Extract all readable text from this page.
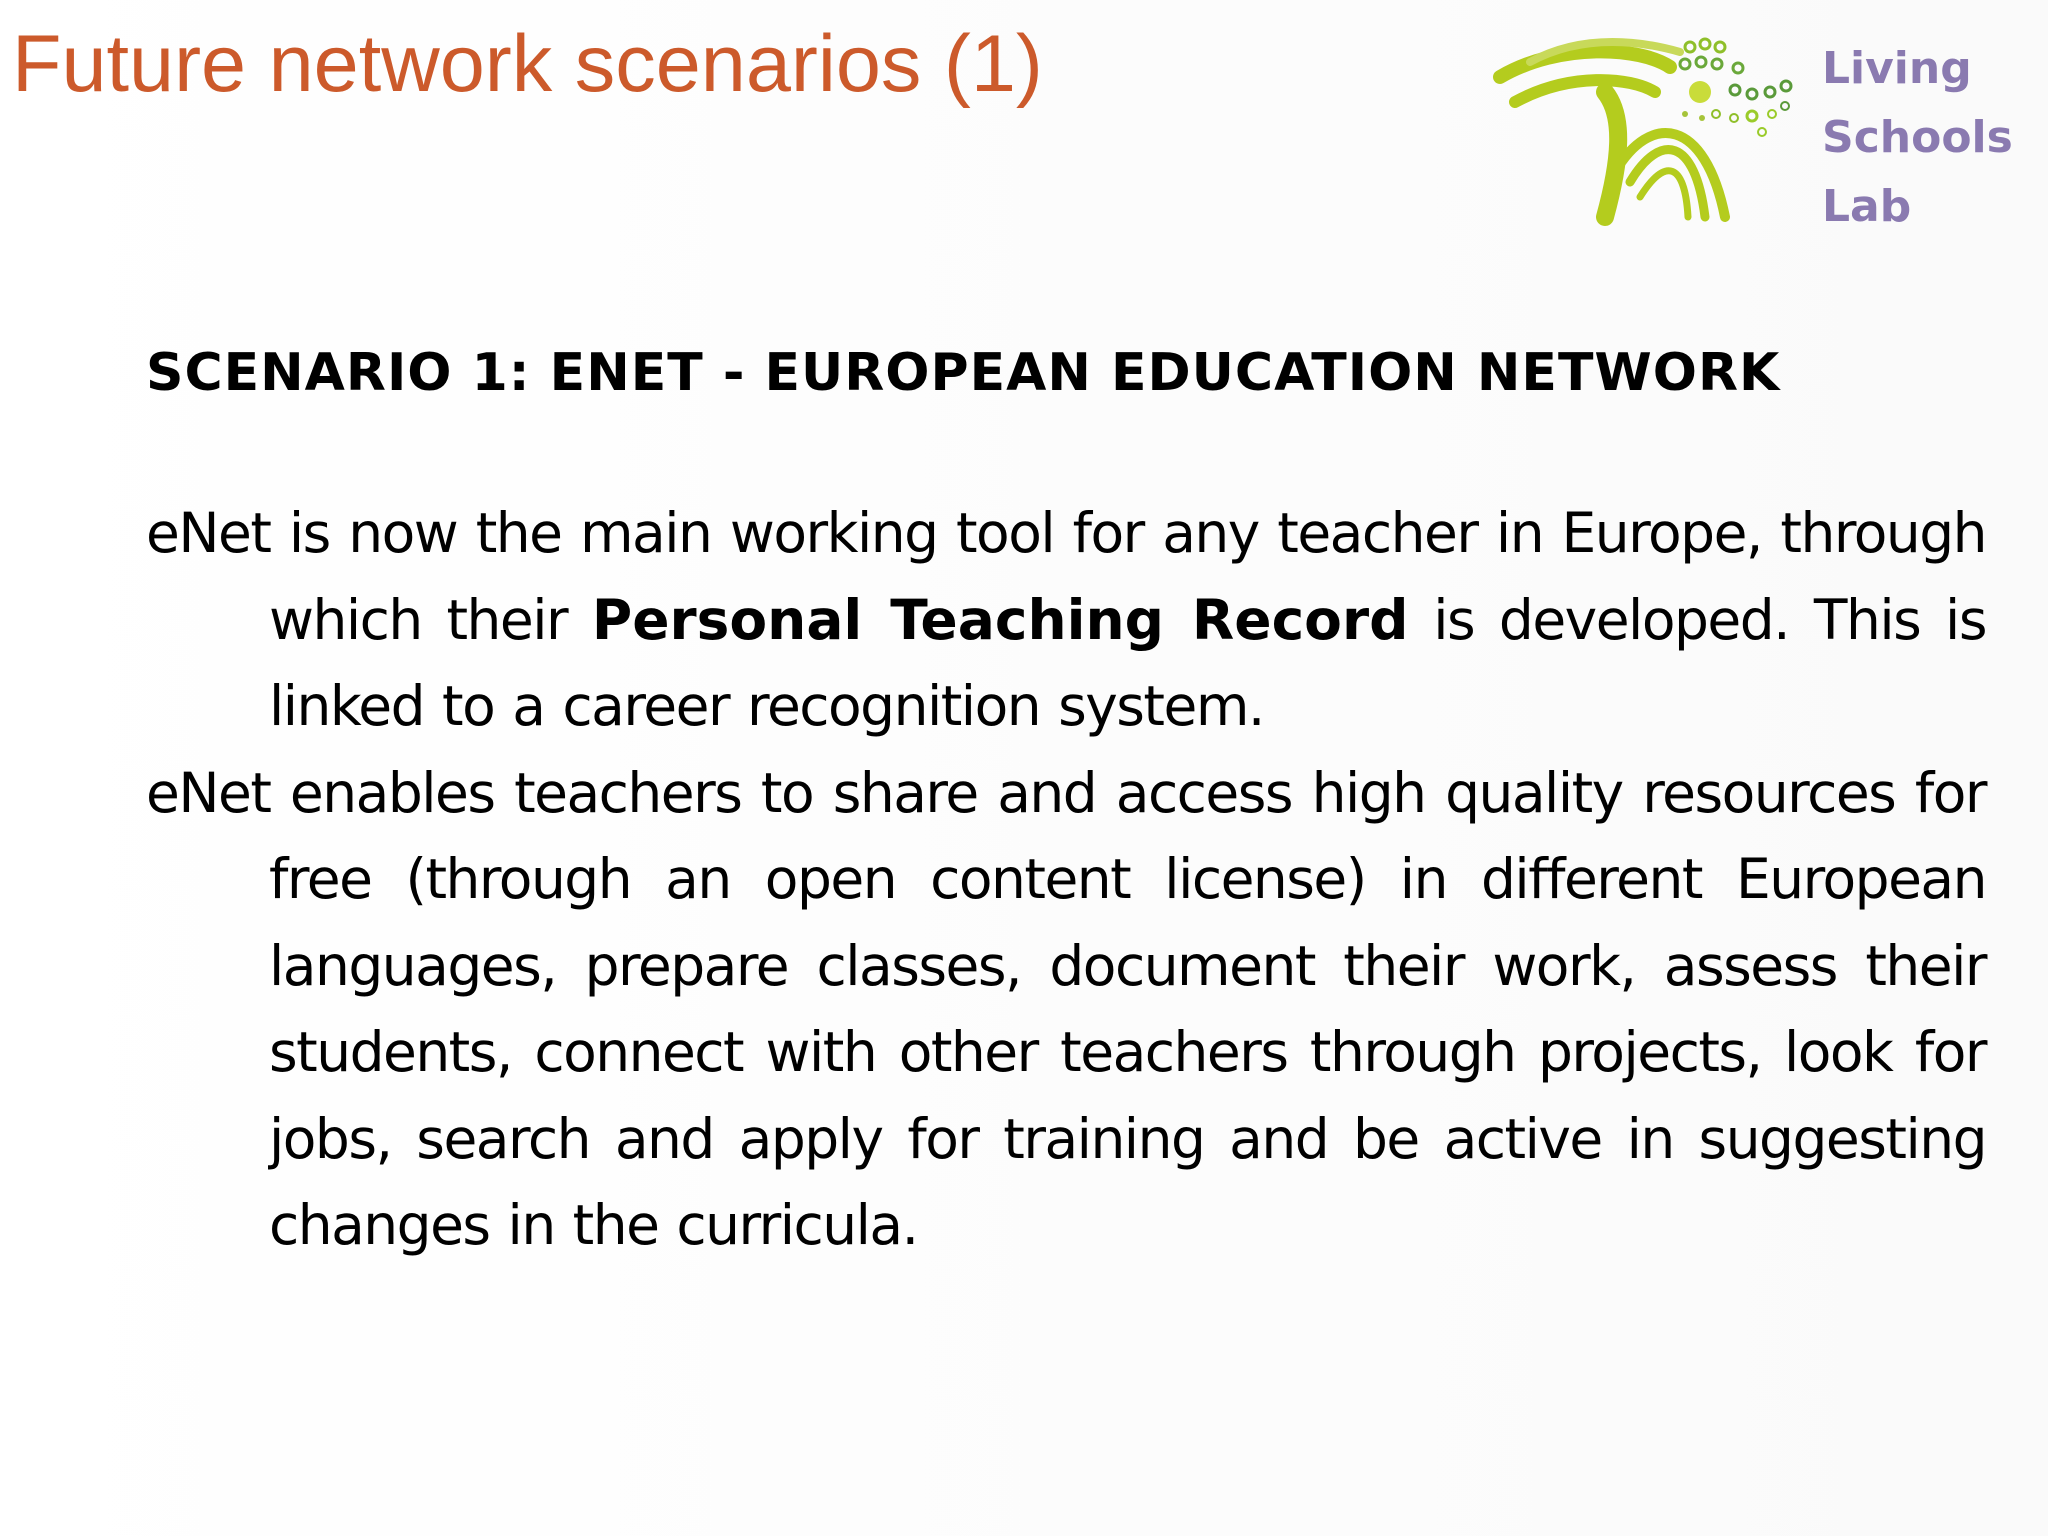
Future network scenarios (1)	Living
Schools
Lab
SCENARIO 1: ENET - EUROPEAN EDUCATION NETWORK

eNet is now the main working tool for any teacher in Europe, through which their Personal Teaching Record is developed. This is linked to a career recognition system.

eNet enables teachers to share and access high quality resources for free (through an open content license) in different European languages, prepare classes, document their work, assess their students, connect with other teachers through projects, look for jobs, search and apply for training and be active in suggesting changes in the curricula.
